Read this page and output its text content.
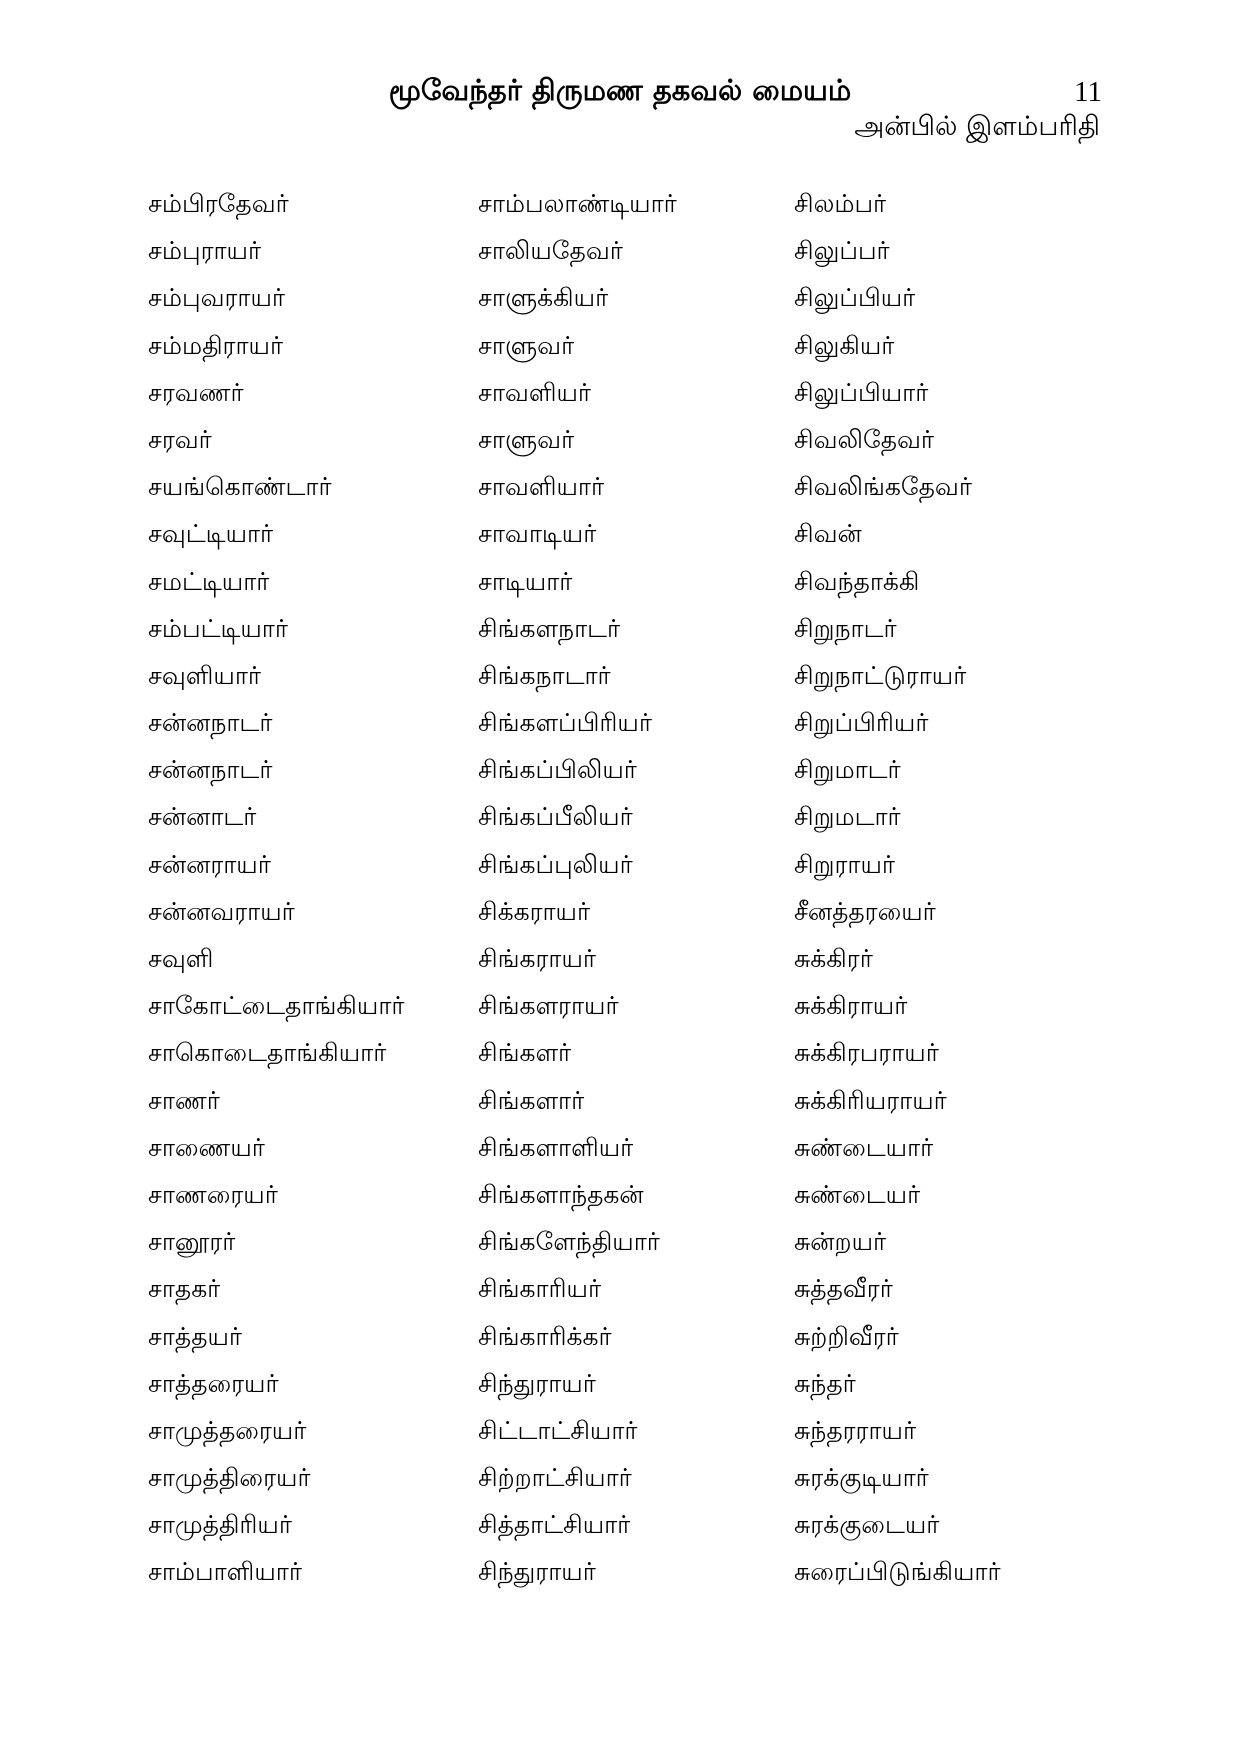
மூவேந்தர் திருமண தகவல் மையம்	11
அன்பில் இளம்பரிதி
சம்பிரதேவர்
சம்புராயர்
சம்புவராயர்
சம்மதிராயர்
சரவணர்
சரவர்
சயங்கொண்டார்
சவுட்டியார்
சமட்டியார்
சம்பட்டியார்
சவுளியார்
சன்னநாடர்
சன்னநாடர்
சன்னாடர்
சன்னராயர்
சன்னவராயர்
சவுளி
சாகோட்டைதாங்கியார்
சாகொடைதாங்கியார்
சாணர்
சாணையர்
சாணரையர்
சானூரர்
சாதகர்
சாத்தயர்
சாத்தரையர்
சாமுத்தரையர்
சாமுத்திரையர்
சாமுத்திரியர்
சாம்பாளியார்
சாம்பலாண்டியார்
சாலியதேவர்
சாளுக்கியர்
சாளுவர்
சாவளியர்
சாளுவர்
சாவளியார்
சாவாடியர்
சாடியார்
சிங்களநாடர்
சிங்கநாடார்
சிங்களப்பிரியர்
சிங்கப்பிலியர்
சிங்கப்பீலியர்
சிங்கப்புலியர்
சிக்கராயர்
சிங்கராயர்
சிங்களராயர்
சிங்களர்
சிங்களார்
சிங்களாளியர்
சிங்களாந்தகன்
சிங்களேந்தியார்
சிங்காரியர்
சிங்காரிக்கர்
சிந்துராயர்
சிட்டாட்சியார்
சிற்றாட்சியார்
சித்தாட்சியார்
சிந்துராயர்
சிலம்பர்
சிலுப்பர்
சிலுப்பியர்
சிலுகியர்
சிலுப்பியார்
சிவலிதேவர்
சிவலிங்கதேவர்
சிவன்
சிவந்தாக்கி
சிறுநாடர்
சிறுநாட்டுராயர்
சிறுப்பிரியர்
சிறுமாடர்
சிறுமடார்
சிறுராயர்
சீனத்தரயைர்
சுக்கிரர்
சுக்கிராயர்
சுக்கிரபராயர்
சுக்கிரியராயர்
சுண்டையார்
சுண்டையர்
சுன்றயர்
சுத்தவீரர்
சுற்றிவீரர்
சுந்தர்
சுந்தரராயர்
சுரக்குடியார்
சுரக்குடையர்
சுரைப்பிடுங்கியார்
